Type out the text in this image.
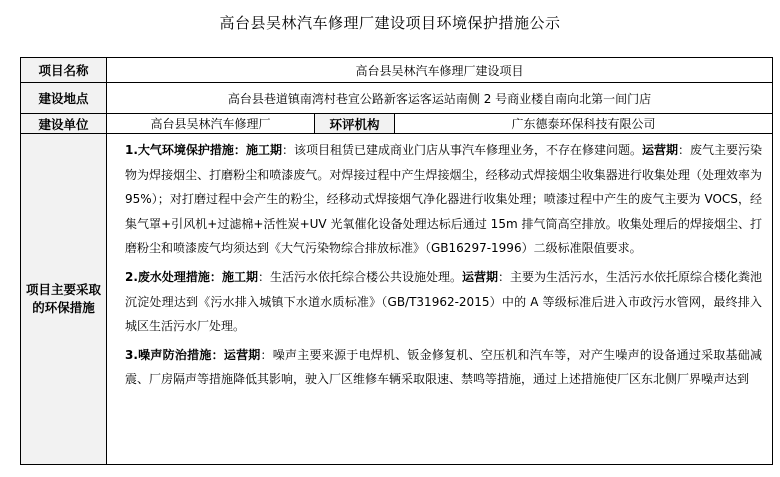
高台县吴林汽车修理厂建设项目环境保护措施公示
项目名称	高台县吴林汽车修理厂建设项目		
建设地点	高台县巷道镇南湾村巷宣公路新客运客运站南侧 2 号商业楼自南向北第一间门店		
建设单位	高台县吴林汽车修理厂	环评机构	广东德泰环保科技有限公司
项目主要采取的环保措施	1.大气环境保护措施：施工期：该项目租赁已建成商业门店从事汽车修理业务，不存在修建问题。运营期：废气主要污染物为焊接烟尘、打磨粉尘和喷漆废气。对焊接过程中产生焊接烟尘，经移动式焊接烟尘收集器进行收集处理（处理效率为 95%）；对打磨过程中会产生的粉尘，经移动式焊接烟气净化器进行收集处理；喷漆过程中产生的废气主要为 VOCS，经集气罩+引风机+过滤棉+活性炭+UV 光氧催化设备处理达标后通过 15m 排气筒高空排放。收集处理后的焊接烟尘、打磨粉尘和喷漆废气均须达到《大气污染物综合排放标准》（GB16297-1996）二级标准限值要求。

2.废水处理措施：施工期：生活污水依托综合楼公共设施处理。运营期：主要为生活污水，生活污水依托原综合楼化粪池沉淀处理达到《污水排入城镇下水道水质标准》（GB/T31962-2015）中的 A 等级标准后进入市政污水管网，最终排入城区生活污水厂处理。

3.噪声防治措施：运营期：噪声主要来源于电焊机、钣金修复机、空压机和汽车等，对产生噪声的设备通过采取基础减震、厂房隔声等措施降低其影响，驶入厂区维修车辆采取限速、禁鸣等措施，通过上述措施使厂区东北侧厂界噪声达到		
